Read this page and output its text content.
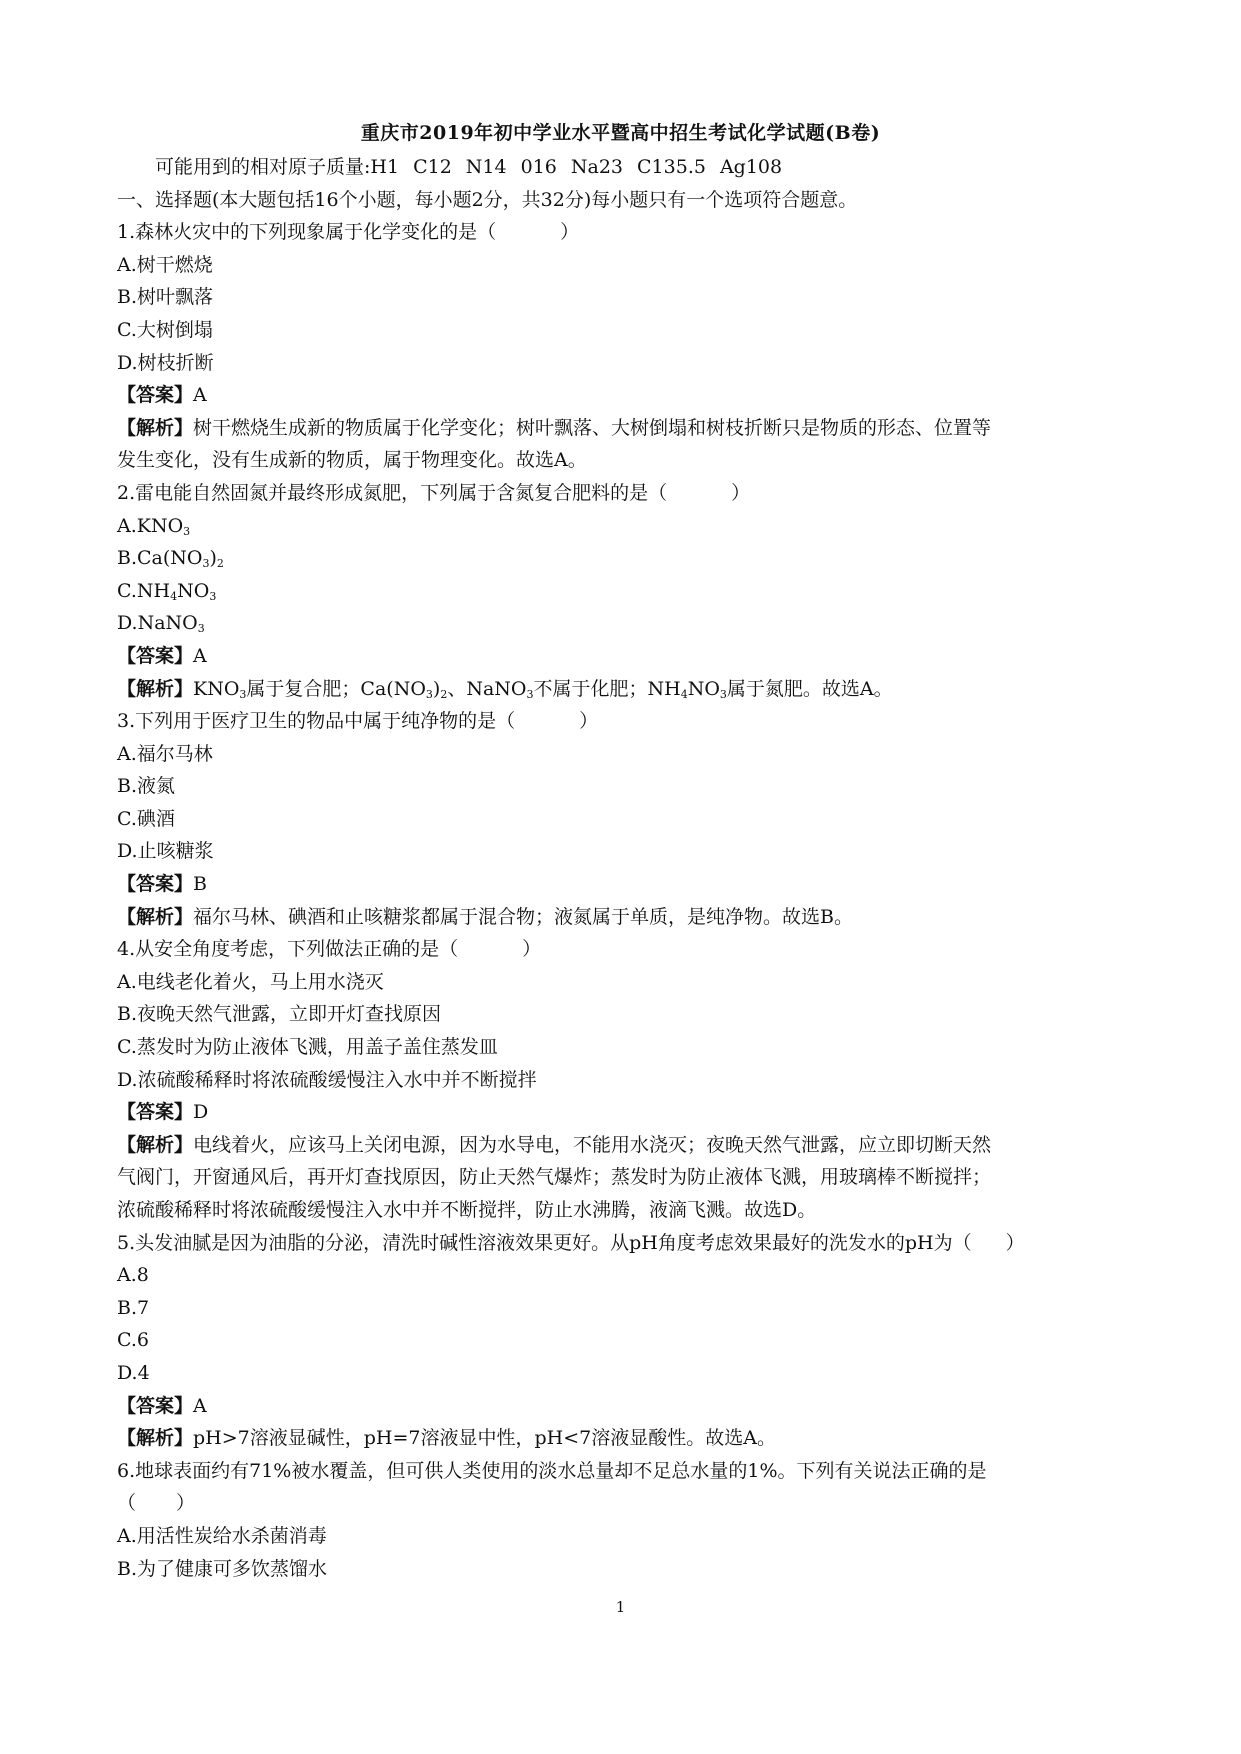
重庆市2019年初中学业水平暨高中招生考试化学试题(B卷)
可能用到的相对原子质量:H1 C12 N14 016 Na23 C135.5 Ag108
一、选择题(本大题包括16个小题，每小题2分，共32分)每小题只有一个选项符合题意。
1.森林火灾中的下列现象属于化学变化的是（	）
A.树干燃烧
B.树叶飘落
C.大树倒塌
D.树枝折断
【答案】A
【解析】树干燃烧生成新的物质属于化学变化；树叶飘落、大树倒塌和树枝折断只是物质的形态、位置等
发生变化，没有生成新的物质，属于物理变化。故选A。
2.雷电能自然固氮并最终形成氮肥，下列属于含氮复合肥料的是（	）
$A.KNO_3$
$B.Ca(NO_3)_2$
$C.NH_4NO_3$
D.NaNO$_3$
【答案】A
【解析】$KNO_3$属于复合肥；$Ca(NO_3)_2$、NaNO$_3$不属于化肥；$NH_4NO_3$属于氮肥。故选A。
3.下列用于医疗卫生的物品中属于纯净物的是（	）
A.福尔马林
B.液氮
C.碘酒
D.止咳糖浆
【答案】B
【解析】福尔马林、碘酒和止咳糖浆都属于混合物；液氮属于单质，是纯净物。故选B。
4.从安全角度考虑，下列做法正确的是（	）
A.电线老化着火，马上用水浇灭
B.夜晚天然气泄露，立即开灯查找原因
C.蒸发时为防止液体飞溅，用盖子盖住蒸发皿
D.浓硫酸稀释时将浓硫酸缓慢注入水中并不断搅拌
【答案】D
【解析】电线着火，应该马上关闭电源，因为水导电，不能用水浇灭；夜晚天然气泄露，应立即切断天然
气阀门，开窗通风后，再开灯查找原因，防止天然气爆炸；蒸发时为防止液体飞溅，用玻璃棒不断搅拌；
浓硫酸稀释时将浓硫酸缓慢注入水中并不断搅拌，防止水沸腾，液滴飞溅。故选D。
5.头发油腻是因为油脂的分泌，清洗时碱性溶液效果更好。从pH角度考虑效果最好的洗发水的pH为（ ）
A.8
B.7
C.6
D.4
【答案】A
【解析】pH>7溶液显碱性，pH=7溶液显中性，pH<7溶液显酸性。故选A。
6.地球表面约有71%被水覆盖，但可供人类使用的淡水总量却不足总水量的1%。下列有关说法正确的是
（ ）
A.用活性炭给水杀菌消毒
B.为了健康可多饮蒸馏水
1
